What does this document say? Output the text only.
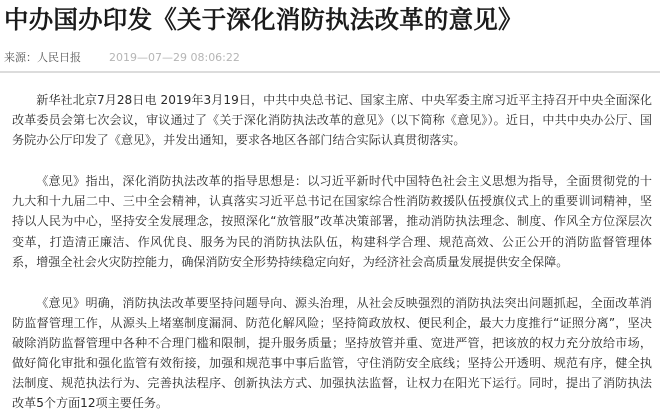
中办国办印发《关于深化消防执法改革的意见》
来源：人民日报	2019—07—29 08:06:22

新华社北京7月28日电 2019年3月19日，中共中央总书记、国家主席、中央军委主席习近平主持召开中央全面深化改革委员会第七次会议，审议通过了《关于深化消防执法改革的意见》（以下简称《意见》）。近日，中共中央办公厅、国务院办公厅印发了《意见》，并发出通知，要求各地区各部门结合实际认真贯彻落实。

《意见》指出，深化消防执法改革的指导思想是：以习近平新时代中国特色社会主义思想为指导，全面贯彻党的十九大和十九届二中、三中全会精神，认真落实习近平总书记在国家综合性消防救援队伍授旗仪式上的重要训词精神，坚持以人民为中心，坚持安全发展理念，按照深化“放管服”改革决策部署，推动消防执法理念、制度、作风全方位深层次变革，打造清正廉洁、作风优良、服务为民的消防执法队伍，构建科学合理、规范高效、公正公开的消防监督管理体系，增强全社会火灾防控能力，确保消防安全形势持续稳定向好，为经济社会高质量发展提供安全保障。

《意见》明确，消防执法改革要坚持问题导向、源头治理，从社会反映强烈的消防执法突出问题抓起，全面改革消防监督管理工作，从源头上堵塞制度漏洞、防范化解风险；坚持简政放权、便民利企，最大力度推行“证照分离”，坚决破除消防监督管理中各种不合理门槛和限制，提升服务质量；坚持放管并重、宽进严管，把该放的权力充分放给市场，做好简化审批和强化监管有效衔接，加强和规范事中事后监管，守住消防安全底线；坚持公开透明、规范有序，健全执法制度、规范执法行为、完善执法程序、创新执法方式、加强执法监督，让权力在阳光下运行。同时，提出了消防执法改革5个方面12项主要任务。
